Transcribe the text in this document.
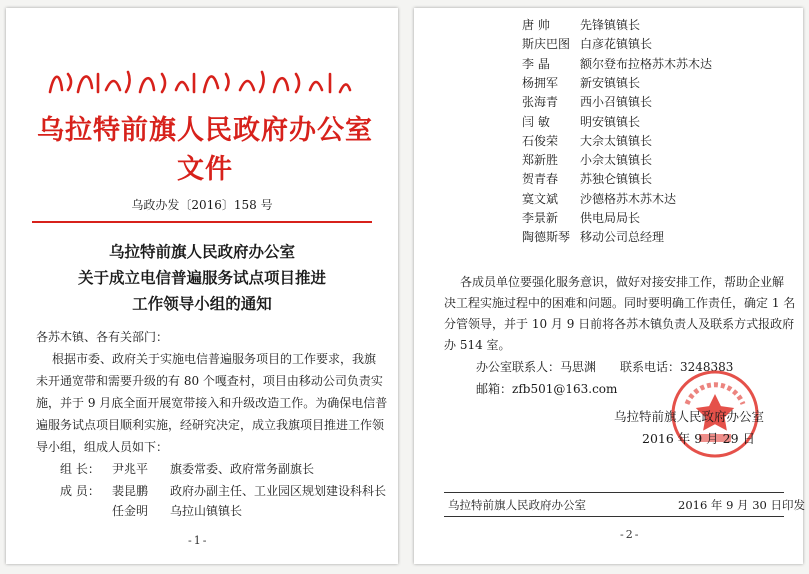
乌拉特前旗人民政府办公室文件
乌政办发〔2016〕158 号
乌拉特前旗人民政府办公室
关于成立电信普遍服务试点项目推进
工作领导小组的通知
各苏木镇、各有关部门：
根据市委、政府关于实施电信普遍服务项目的工作要求，我旗
未开通宽带和需要升级的有 80 个嘎查村，项目由移动公司负责实
施，并于 9 月底全面开展宽带接入和升级改造工作。为确保电信普
遍服务试点项目顺利实施，经研究决定，成立我旗项目推进工作领
导小组，组成人员如下：
组 长： 尹兆平 旗委常委、政府常务副旗长
成 员： 裴昆鹏 政府办副主任、工业园区规划建设科科长
任金明 乌拉山镇镇长
-1-
唐 帅	先锋镇镇长
斯庆巴图 白彦花镇镇长
李 晶	额尔登布拉格苏木苏木达
杨拥军 新安镇镇长
张海青 西小召镇镇长
闫 敏	明安镇镇长
石俊荣 大佘太镇镇长
郑新胜 小佘太镇镇长
贺青春 苏独仑镇镇长
寞文斌 沙德格苏木苏木达
李景新 供电局局长
陶德斯琴 移动公司总经理
各成员单位要强化服务意识，做好对接安排工作，帮助企业解
决工程实施过程中的困难和问题。同时要明确工作责任，确定 1 名
分管领导，并于 10 月 9 日前将各苏木镇负责人及联系方式报政府
办 514 室。
办公室联系人：马思渊 联系电话：3248383
邮箱：zfb501@163.com
乌拉特前旗人民政府办公室
2016 年 9 月 29 日
乌拉特前旗人民政府办公室	2016 年 9 月 30 日印发
-2-
